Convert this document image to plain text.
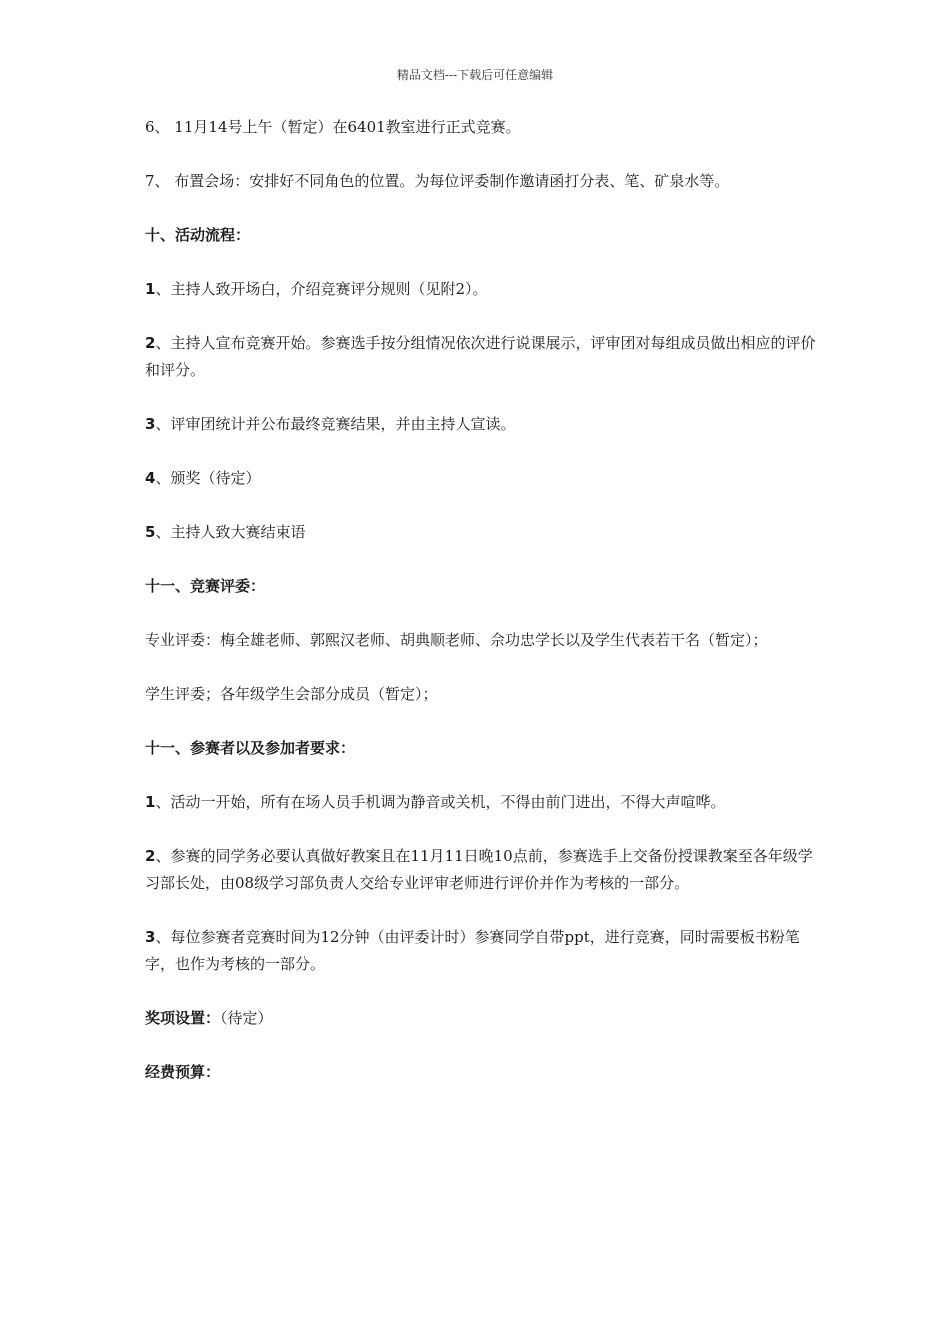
精品文档---下载后可任意编辑

6、 11月14号上午（暂定）在6401教室进行正式竞赛。

7、 布置会场：安排好不同角色的位置。为每位评委制作邀请函打分表、笔、矿泉水等。

十、活动流程：

1、主持人致开场白，介绍竞赛评分规则（见附2）。

2、主持人宣布竞赛开始。参赛选手按分组情况依次进行说课展示，评审团对每组成员做出相应的评价和评分。

3、评审团统计并公布最终竞赛结果，并由主持人宣读。

4、颁奖（待定）

5、主持人致大赛结束语

十一、竞赛评委：

专业评委：梅全雄老师、郭熙汉老师、胡典顺老师、佘功忠学长以及学生代表若干名（暂定）；

学生评委；各年级学生会部分成员（暂定）；

十一、参赛者以及参加者要求：

1、活动一开始，所有在场人员手机调为静音或关机，不得由前门进出，不得大声喧哗。

2、参赛的同学务必要认真做好教案且在11月11日晚10点前，参赛选手上交备份授课教案至各年级学习部长处，由08级学习部负责人交给专业评审老师进行评价并作为考核的一部分。

3、每位参赛者竞赛时间为12分钟（由评委计时）参赛同学自带ppt，进行竞赛，同时需要板书粉笔字，也作为考核的一部分。

奖项设置：（待定）

经费预算：
